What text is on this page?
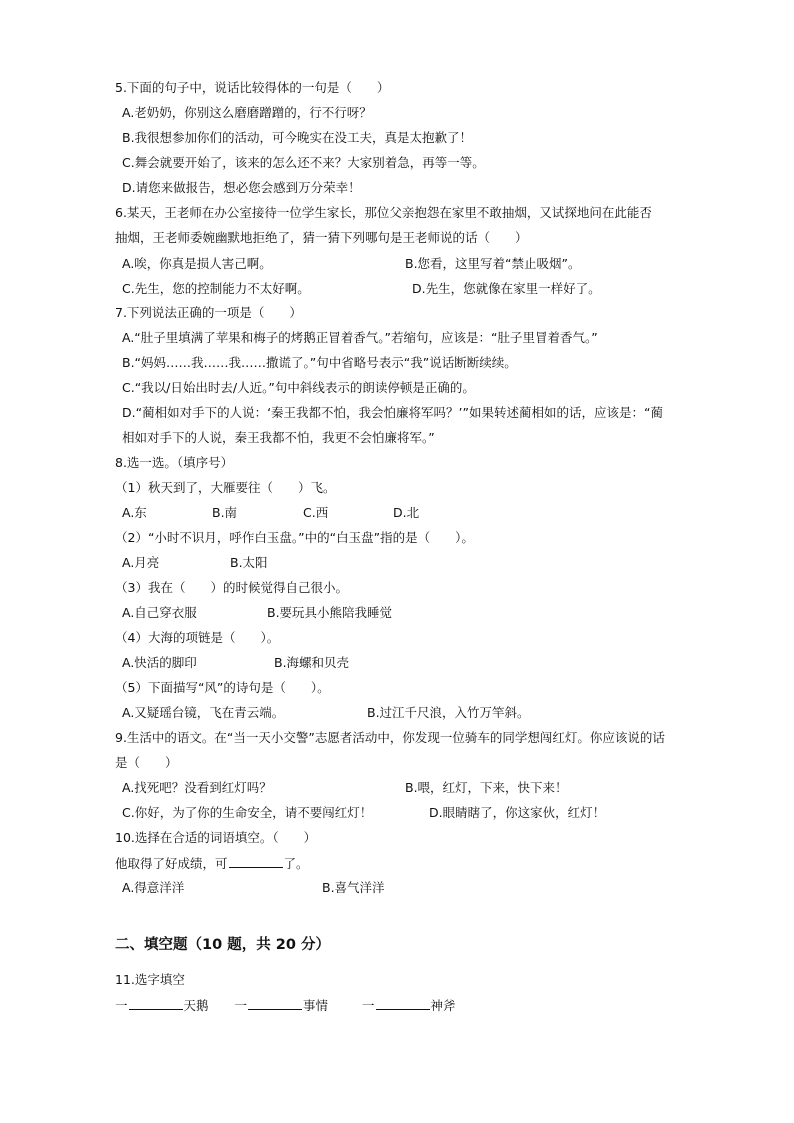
5.下面的句子中，说话比较得体的一句是（　　）
A.老奶奶，你别这么磨磨蹭蹭的，行不行呀？
B.我很想参加你们的活动，可今晚实在没工夫，真是太抱歉了！
C.舞会就要开始了，该来的怎么还不来？大家别着急，再等一等。
D.请您来做报告，想必您会感到万分荣幸！
6.某天，王老师在办公室接待一位学生家长，那位父亲抱怨在家里不敢抽烟，又试探地问在此能否
抽烟，王老师委婉幽默地拒绝了，猜一猜下列哪句是王老师说的话（　　）
A.唉，你真是损人害己啊。	B.您看，这里写着“禁止吸烟”。
C.先生，您的控制能力不太好啊。	D.先生，您就像在家里一样好了。
7.下列说法正确的一项是（　　）
A.“肚子里填满了苹果和梅子的烤鹅正冒着香气。”若缩句，应该是：“肚子里冒着香气。”
B.“妈妈……我……我……撒谎了。”句中省略号表示“我”说话断断续续。
C.“我以/日始出时去/人近。”句中斜线表示的朗读停顿是正确的。
D.“蔺相如对手下的人说：‘秦王我都不怕，我会怕廉将军吗？’”如果转述蔺相如的话，应该是：“蔺
相如对手下的人说，秦王我都不怕，我更不会怕廉将军。”
8.选一选。（填序号）
（1）秋天到了，大雁要往（　　）飞。
A.东	B.南	C.西	D.北
（2）“小时不识月，呼作白玉盘。”中的“白玉盘”指的是（　　）。
A.月亮	B.太阳
（3）我在（　　）的时候觉得自己很小。
A.自己穿衣服	B.要玩具小熊陪我睡觉
（4）大海的项链是（　　）。
A.快活的脚印	B.海螺和贝壳
（5）下面描写“风”的诗句是（　　）。
A.又疑瑶台镜，飞在青云端。	B.过江千尺浪，入竹万竿斜。
9.生活中的语文。在“当一天小交警”志愿者活动中，你发现一位骑车的同学想闯红灯。你应该说的话
是（　　）
A.找死吧？没看到红灯吗？	B.喂，红灯，下来，快下来！
C.你好，为了你的生命安全，请不要闯红灯！	D.眼睛瞎了，你这家伙，红灯！
10.选择在合适的词语填空。（　　）
他取得了好成绩，可	了。
A.得意洋洋	B.喜气洋洋
二、填空题（10 题，共 20 分）
11.选字填空
一	天鹅 一	事情	一	神斧
